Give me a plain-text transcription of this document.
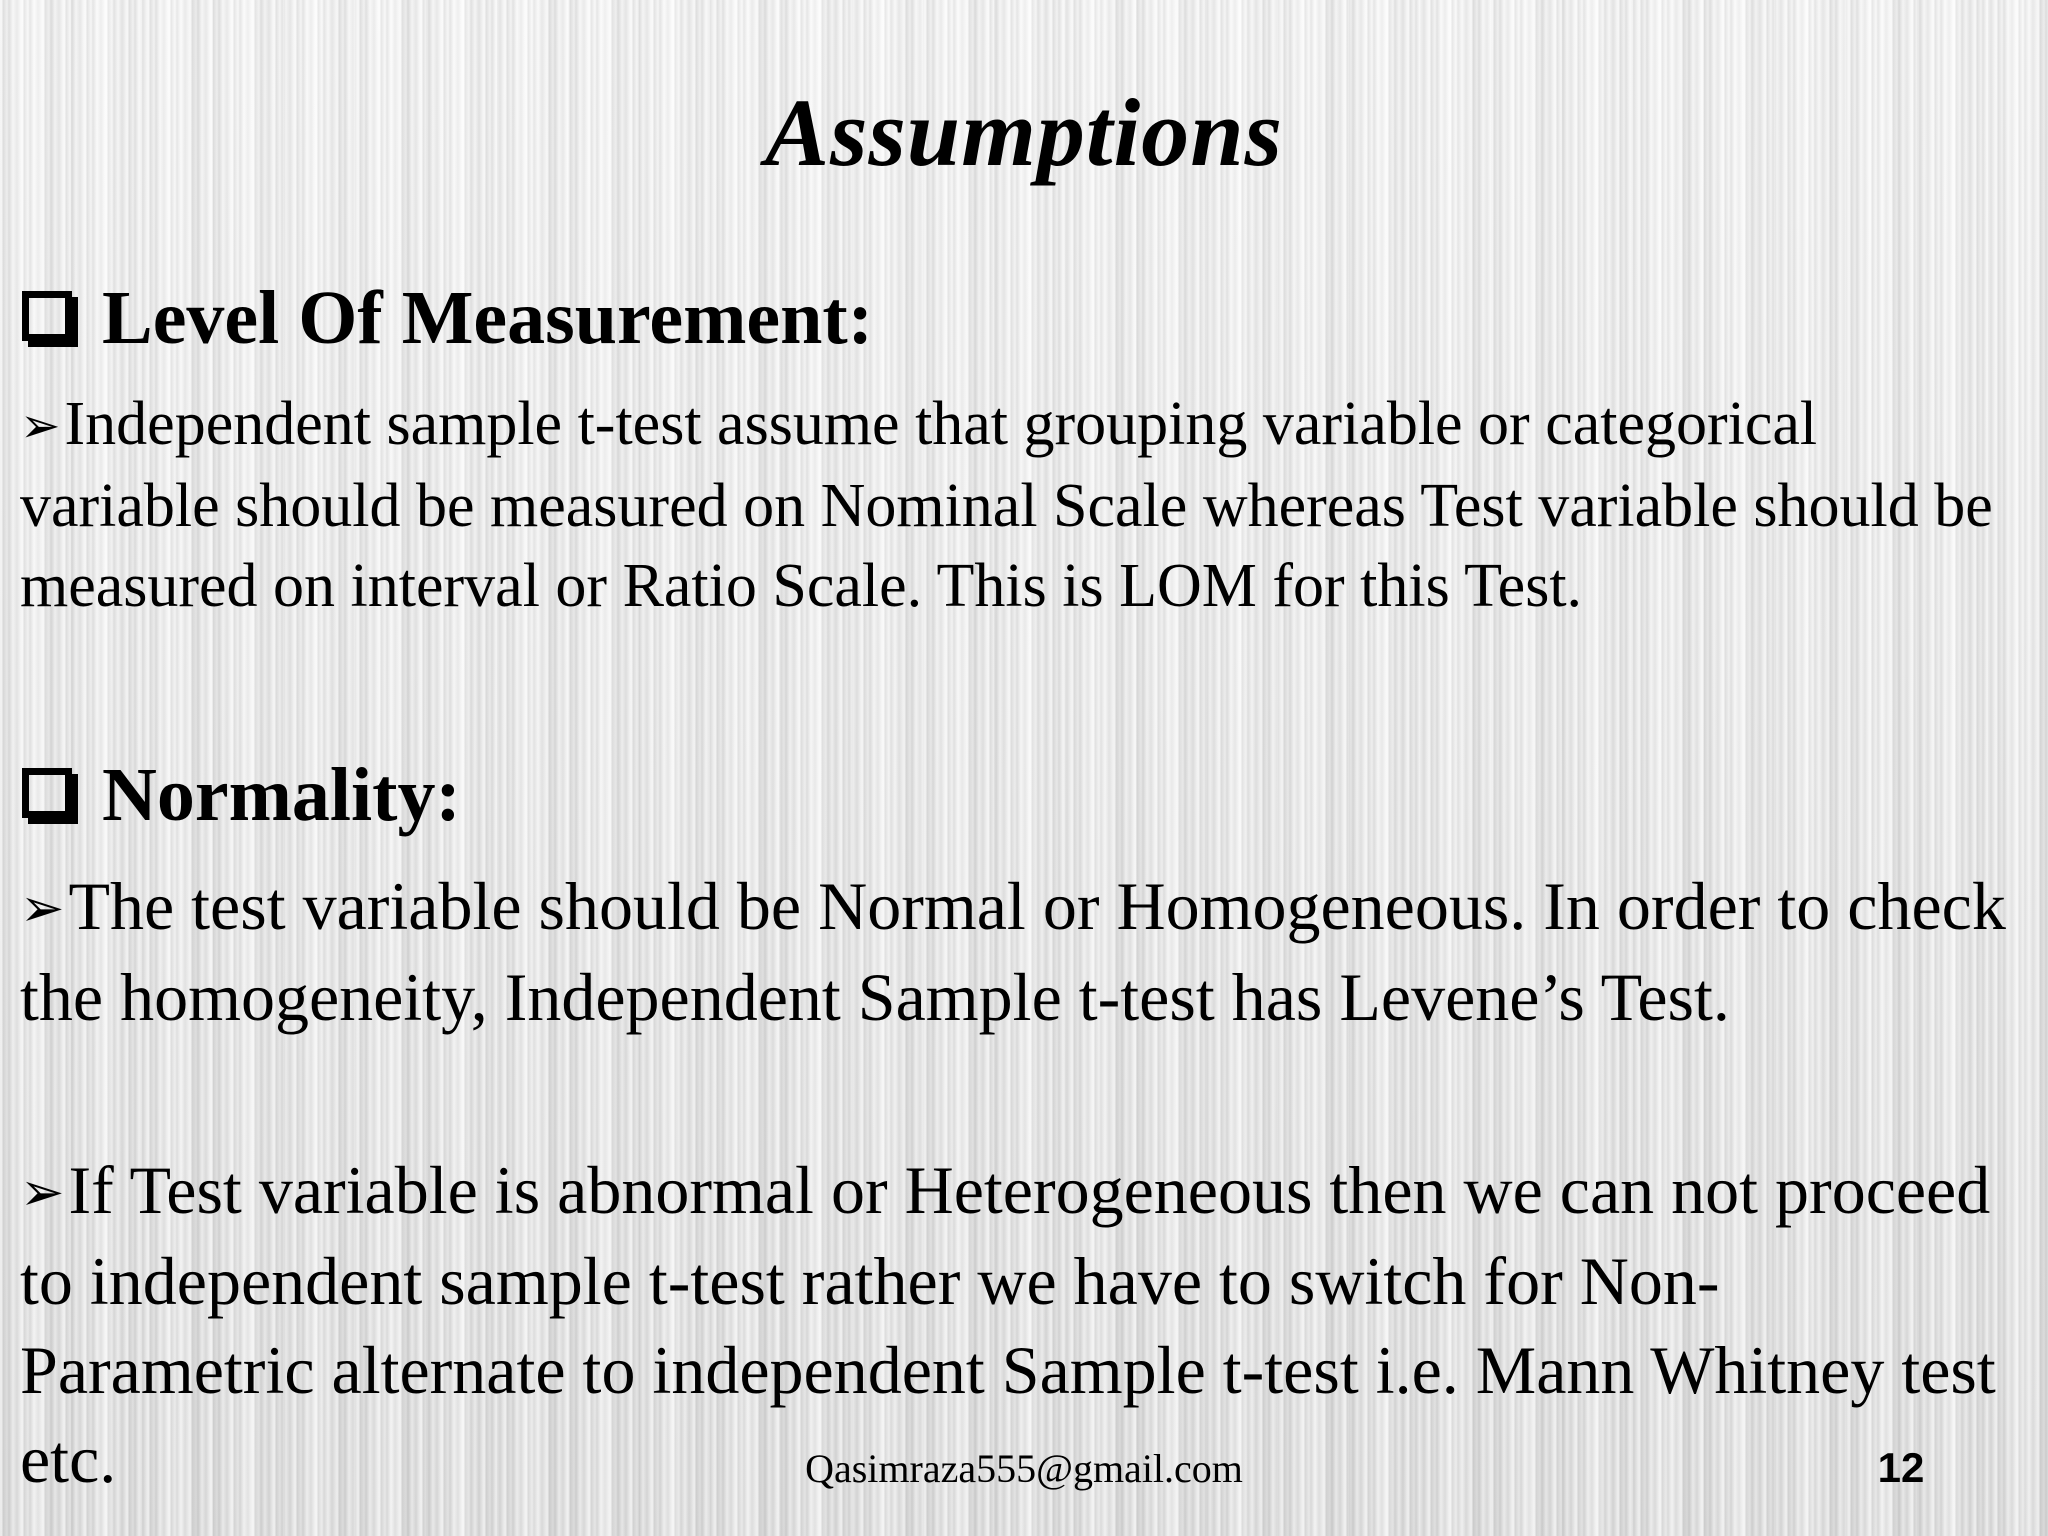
Assumptions
Level Of Measurement:
➢Independent sample t-test assume that grouping variable or categorical variable should be measured on Nominal Scale whereas Test variable should be measured on interval or Ratio Scale. This is LOM for this Test.
Normality:
➢The test variable should be Normal or Homogeneous. In order to check the homogeneity, Independent Sample t-test has Levene’s Test.
➢If Test variable is abnormal or Heterogeneous then we can not proceed to independent sample t-test rather we have to switch for Non-Parametric alternate to independent Sample t-test i.e. Mann Whitney test etc.	Qasimraza555@gmail.com	12
